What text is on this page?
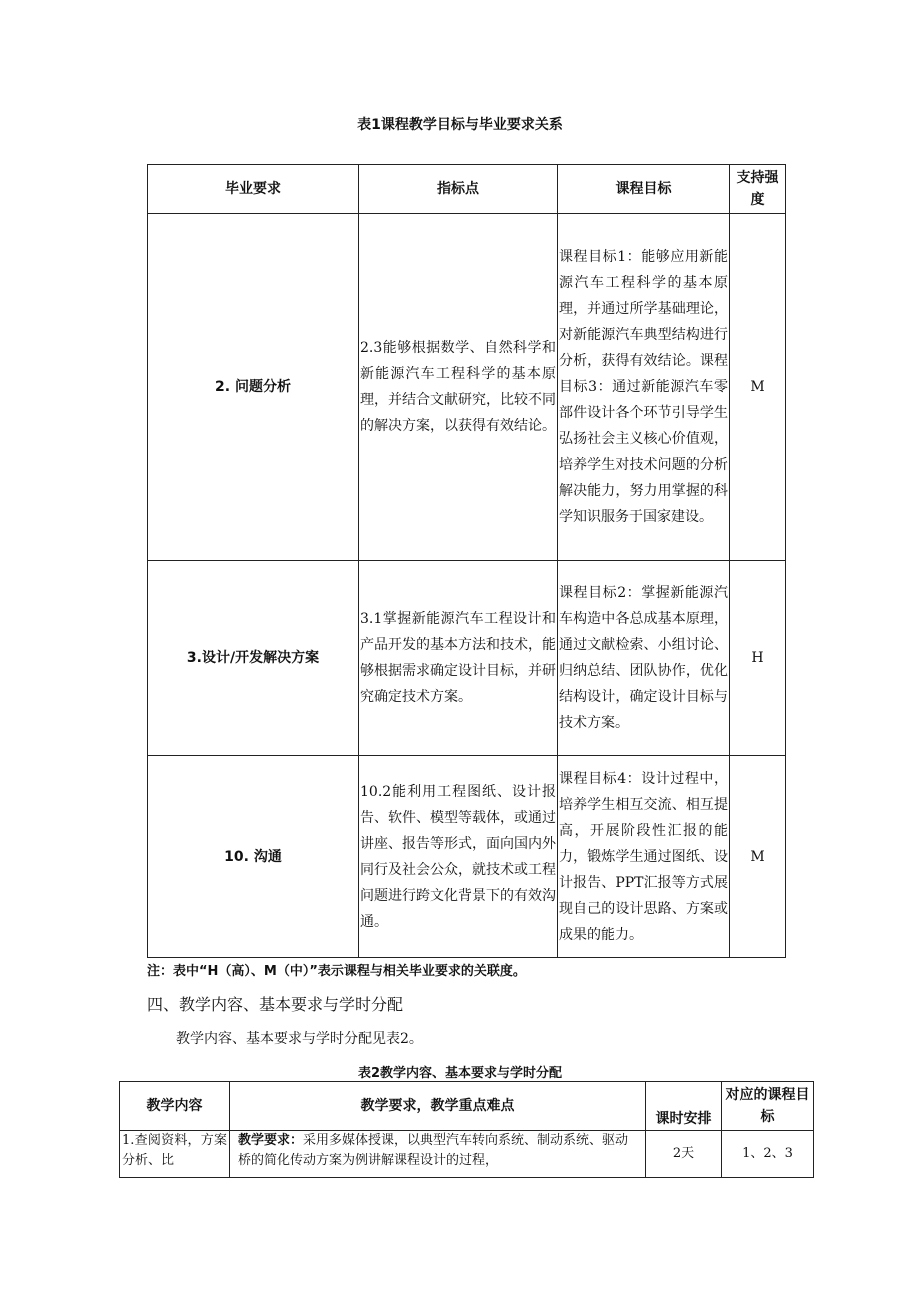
表1课程教学目标与毕业要求关系
毕业要求	指标点	课程目标	支持强度
2. 问题分析	2.3能够根据数学、自然科学和新能源汽车工程科学的基本原理，并结合文献研究，比较不同的解决方案，以获得有效结论。	课程目标1：能够应用新能源汽车工程科学的基本原理，并通过所学基础理论，对新能源汽车典型结构进行分析，获得有效结论。课程目标3：通过新能源汽车零部件设计各个环节引导学生弘扬社会主义核心价值观，培养学生对技术问题的分析解决能力，努力用掌握的科学知识服务于国家建设。	M
3.设计/开发解决方案	3.1掌握新能源汽车工程设计和产品开发的基本方法和技术，能够根据需求确定设计目标，并研究确定技术方案。	课程目标2：掌握新能源汽车构造中各总成基本原理，通过文献检索、小组讨论、归纳总结、团队协作，优化结构设计，确定设计目标与技术方案。	H
10. 沟通	10.2能利用工程图纸、设计报告、软件、模型等载体，或通过讲座、报告等形式，面向国内外同行及社会公众，就技术或工程问题进行跨文化背景下的有效沟通。	课程目标4：设计过程中，培养学生相互交流、相互提高，开展阶段性汇报的能力，锻炼学生通过图纸、设计报告、PPT汇报等方式展现自己的设计思路、方案或成果的能力。	M
注：表中“H（高）、M（中）”表示课程与相关毕业要求的关联度。
四、教学内容、基本要求与学时分配
教学内容、基本要求与学时分配见表2。
表2教学内容、基本要求与学时分配
教学内容	教学要求，教学重点难点	课时安排	对应的课程目标
1.查阅资料，方案分析、比	教学要求：采用多媒体授课，以典型汽车转向系统、制动系统、驱动桥的简化传动方案为例讲解课程设计的过程，	2天	1、2、3
